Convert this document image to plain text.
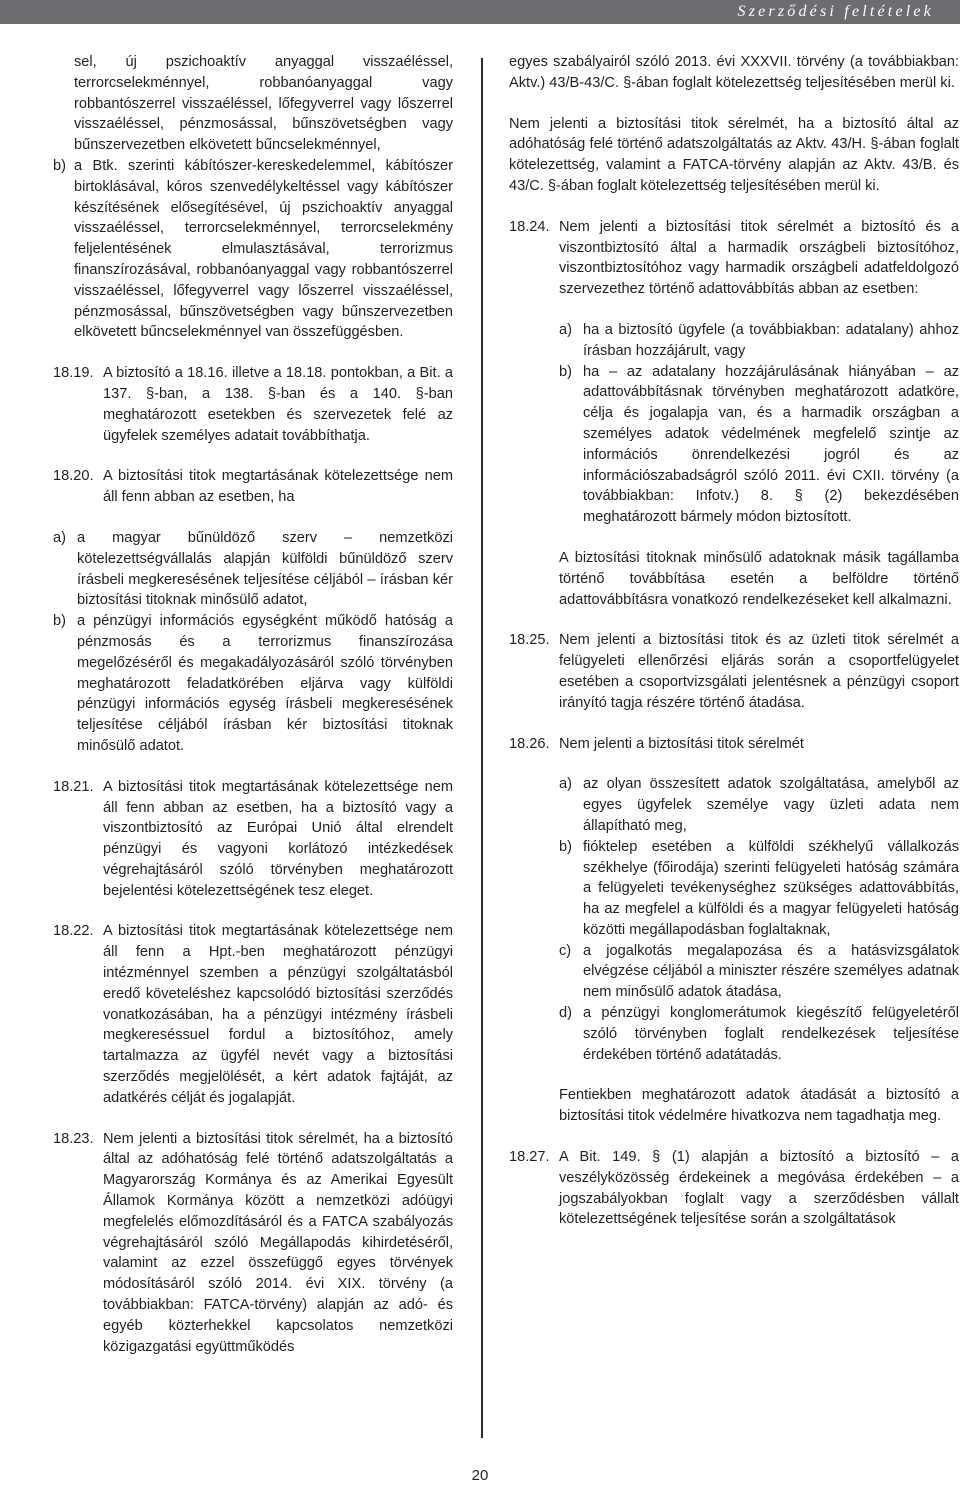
Szerződési feltételek

sel, új pszichoaktív anyaggal visszaéléssel, terrorcselekménnyel, robbanóanyaggal vagy robbantószerrel visszaéléssel, lőfegyverrel vagy lőszerrel visszaéléssel, pénzmosással, bűnszövetségben vagy bűnszervezetben elkövetett bűncselekménnyel,

b) a Btk. szerinti kábítószer-kereskedelemmel, kábítószer birtoklásával, kóros szenvedélykeltéssel vagy kábítószer készítésének elősegítésével, új pszichoaktív anyaggal visszaéléssel, terrorcselekménnyel, terrorcselekmény feljelentésének elmulasztásával, terrorizmus finanszírozásával, robbanóanyaggal vagy robbantószerrel visszaéléssel, lőfegyverrel vagy lőszerrel visszaéléssel, pénzmosással, bűnszövetségben vagy bűnszervezetben elkövetett bűncselekménnyel van összefüggésben.

18.19. A biztosító a 18.16. illetve a 18.18. pontokban, a Bit. a 137. §-ban, a 138. §-ban és a 140. §-ban meghatározott esetekben és szervezetek felé az ügyfelek személyes adatait továbbíthatja.

18.20. A biztosítási titok megtartásának kötelezettsége nem áll fenn abban az esetben, ha

a) a magyar bűnüldöző szerv – nemzetközi kötelezettségvállalás alapján külföldi bűnüldöző szerv írásbeli megkeresésének teljesítése céljából – írásban kér biztosítási titoknak minősülő adatot,

b) a pénzügyi információs egységként működő hatóság a pénzmosás és a terrorizmus finanszírozása megelőzéséről és megakadályozásáról szóló törvényben meghatározott feladatkörében eljárva vagy külföldi pénzügyi információs egység írásbeli megkeresésének teljesítése céljából írásban kér biztosítási titoknak minősülő adatot.

18.21. A biztosítási titok megtartásának kötelezettsége nem áll fenn abban az esetben, ha a biztosító vagy a viszontbiztosító az Európai Unió által elrendelt pénzügyi és vagyoni korlátozó intézkedések végrehajtásáról szóló törvényben meghatározott bejelentési kötelezettségének tesz eleget.

18.22. A biztosítási titok megtartásának kötelezettsége nem áll fenn a Hpt.-ben meghatározott pénzügyi intézménnyel szemben a pénzügyi szolgáltatásból eredő követeléshez kapcsolódó biztosítási szerződés vonatkozásában, ha a pénzügyi intézmény írásbeli megkereséssuel fordul a biztosítóhoz, amely tartalmazza az ügyfél nevét vagy a biztosítási szerződés megjelölését, a kért adatok fajtáját, az adatkérés célját és jogalapját.

18.23. Nem jelenti a biztosítási titok sérelmét, ha a biztosító által az adóhatóság felé történő adatszolgáltatás a Magyarország Kormánya és az Amerikai Egyesült Államok Kormánya között a nemzetközi adóügyi megfelelés előmozdításáról és a FATCA szabályozás végrehajtásáról szóló Megállapodás kihirdetéséről, valamint az ezzel összefüggő egyes törvények módosításáról szóló 2014. évi XIX. törvény (a továbbiakban: FATCA-törvény) alapján az adó- és egyéb közterhekkel kapcsolatos nemzetközi közigazgatási együttműködés

egyes szabályairól szóló 2013. évi XXXVII. törvény (a továbbiakban: Aktv.) 43/B-43/C. §-ában foglalt kötelezettség teljesítésében merül ki.

Nem jelenti a biztosítási titok sérelmét, ha a biztosító által az adóhatóság felé történő adatszolgáltatás az Aktv. 43/H. §-ában foglalt kötelezettség, valamint a FATCA-törvény alapján az Aktv. 43/B. és 43/C. §-ában foglalt kötelezettség teljesítésében merül ki.

18.24. Nem jelenti a biztosítási titok sérelmét a biztosító és a viszontbiztosító által a harmadik országbeli biztosítóhoz, viszontbiztosítóhoz vagy harmadik országbeli adatfeldolgozó szervezethez történő adattovábbítás abban az esetben:

a) ha a biztosító ügyfele (a továbbiakban: adatalany) ahhoz írásban hozzájárult, vagy

b) ha – az adatalany hozzájárulásának hiányában – az adattovábbításnak törvényben meghatározott adatköre, célja és jogalapja van, és a harmadik országban a személyes adatok védelmének megfelelő szintje az információs önrendelkezési jogról és az információszabadságról szóló 2011. évi CXII. törvény (a továbbiakban: Infotv.) 8. § (2) bekezdésében meghatározott bármely módon biztosított.

A biztosítási titoknak minősülő adatoknak másik tagállamba történő továbbítása esetén a belföldre történő adattovábbításra vonatkozó rendelkezéseket kell alkalmazni.

18.25. Nem jelenti a biztosítási titok és az üzleti titok sérelmét a felügyeleti ellenőrzési eljárás során a csoportfelügyelet esetében a csoportvizsgálati jelentésnek a pénzügyi csoport irányító tagja részére történő átadása.

18.26. Nem jelenti a biztosítási titok sérelmét

a) az olyan összesített adatok szolgáltatása, amelyből az egyes ügyfelek személye vagy üzleti adata nem állapítható meg,

b) fióktelep esetében a külföldi székhelyű vállalkozás székhelye (főirodája) szerinti felügyeleti hatóság számára a felügyeleti tevékenységhez szükséges adattovábbítás, ha az megfelel a külföldi és a magyar felügyeleti hatóság közötti megállapodásban foglaltaknak,

c) a jogalkotás megalapozása és a hatásvizsgálatok elvégzése céljából a miniszter részére személyes adatnak nem minősülő adatok átadása,

d) a pénzügyi konglomerátumok kiegészítő felügyeletéről szóló törvényben foglalt rendelkezések teljesítése érdekében történő adatátadás.

Fentiekben meghatározott adatok átadását a biztosító a biztosítási titok védelmére hivatkozva nem tagadhatja meg.

18.27. A Bit. 149. § (1) alapján a biztosító a biztosító – a veszélyközösség érdekeinek a megóvása érdekében – a jogszabályokban foglalt vagy a szerződésben vállalt kötelezettségének teljesítése során a szolgáltatások

20
